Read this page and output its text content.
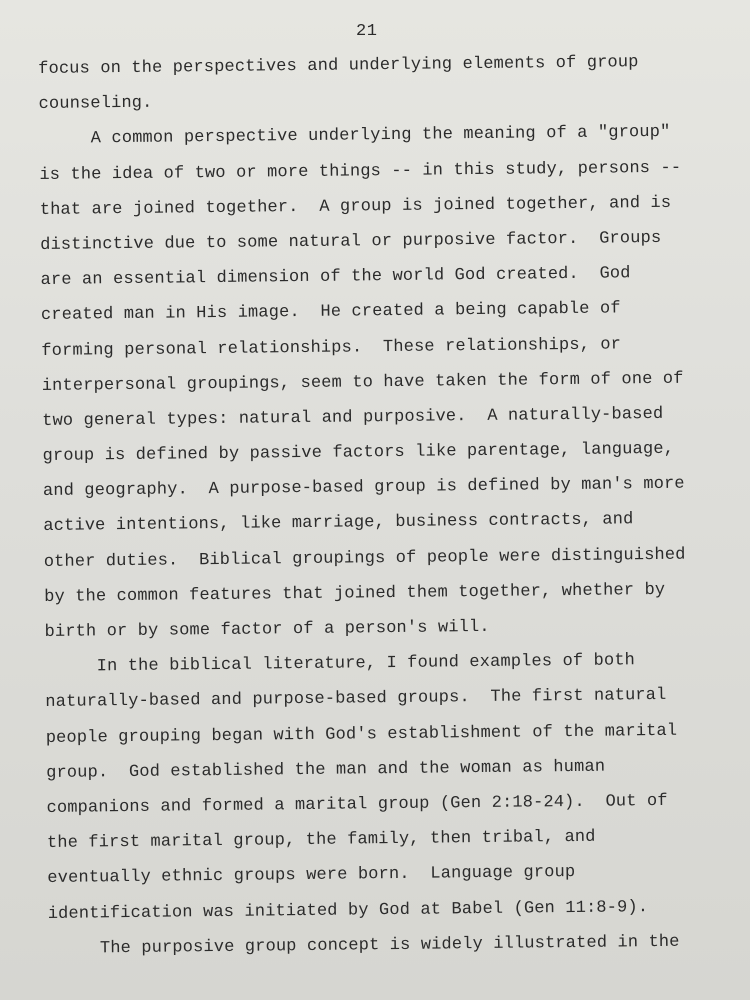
21
focus on the perspectives and underlying elements of group
counseling.
A common perspective underlying the meaning of a "group"
is the idea of two or more things -- in this study, persons --
that are joined together.  A group is joined together, and is
distinctive due to some natural or purposive factor.  Groups
are an essential dimension of the world God created.  God
created man in His image.  He created a being capable of
forming personal relationships.  These relationships, or
interpersonal groupings, seem to have taken the form of one of
two general types: natural and purposive.  A naturally-based
group is defined by passive factors like parentage, language,
and geography.  A purpose-based group is defined by man's more
active intentions, like marriage, business contracts, and
other duties.  Biblical groupings of people were distinguished
by the common features that joined them together, whether by
birth or by some factor of a person's will.
In the biblical literature, I found examples of both
naturally-based and purpose-based groups.  The first natural
people grouping began with God's establishment of the marital
group.  God established the man and the woman as human
companions and formed a marital group (Gen 2:18-24).  Out of
the first marital group, the family, then tribal, and
eventually ethnic groups were born.  Language group
identification was initiated by God at Babel (Gen 11:8-9).
The purposive group concept is widely illustrated in the
